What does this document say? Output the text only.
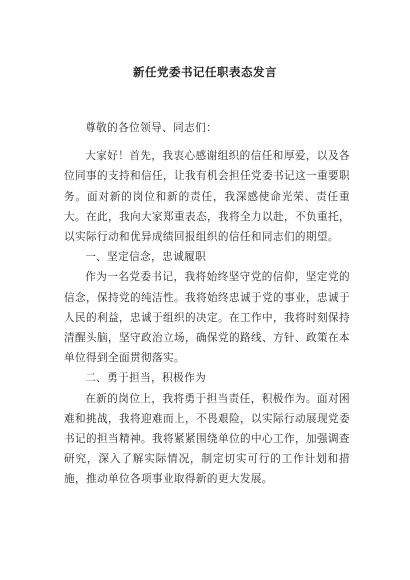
新任党委书记任职表态发言

尊敬的各位领导、同志们：

大家好！首先，我衷心感谢组织的信任和厚爱，以及各位同事的支持和信任，让我有机会担任党委书记这一重要职务。面对新的岗位和新的责任，我深感使命光荣、责任重大。在此，我向大家郑重表态，我将全力以赴，不负重托，以实际行动和优异成绩回报组织的信任和同志们的期望。

一、坚定信念，忠诚履职

作为一名党委书记，我将始终坚守党的信仰，坚定党的信念，保持党的纯洁性。我将始终忠诚于党的事业，忠诚于人民的利益，忠诚于组织的决定。在工作中，我将时刻保持清醒头脑，坚守政治立场，确保党的路线、方针、政策在本单位得到全面贯彻落实。

二、勇于担当，积极作为

在新的岗位上，我将勇于担当责任，积极作为。面对困难和挑战，我将迎难而上，不畏艰险，以实际行动展现党委书记的担当精神。我将紧紧围绕单位的中心工作，加强调查研究，深入了解实际情况，制定切实可行的工作计划和措施，推动单位各项事业取得新的更大发展。
